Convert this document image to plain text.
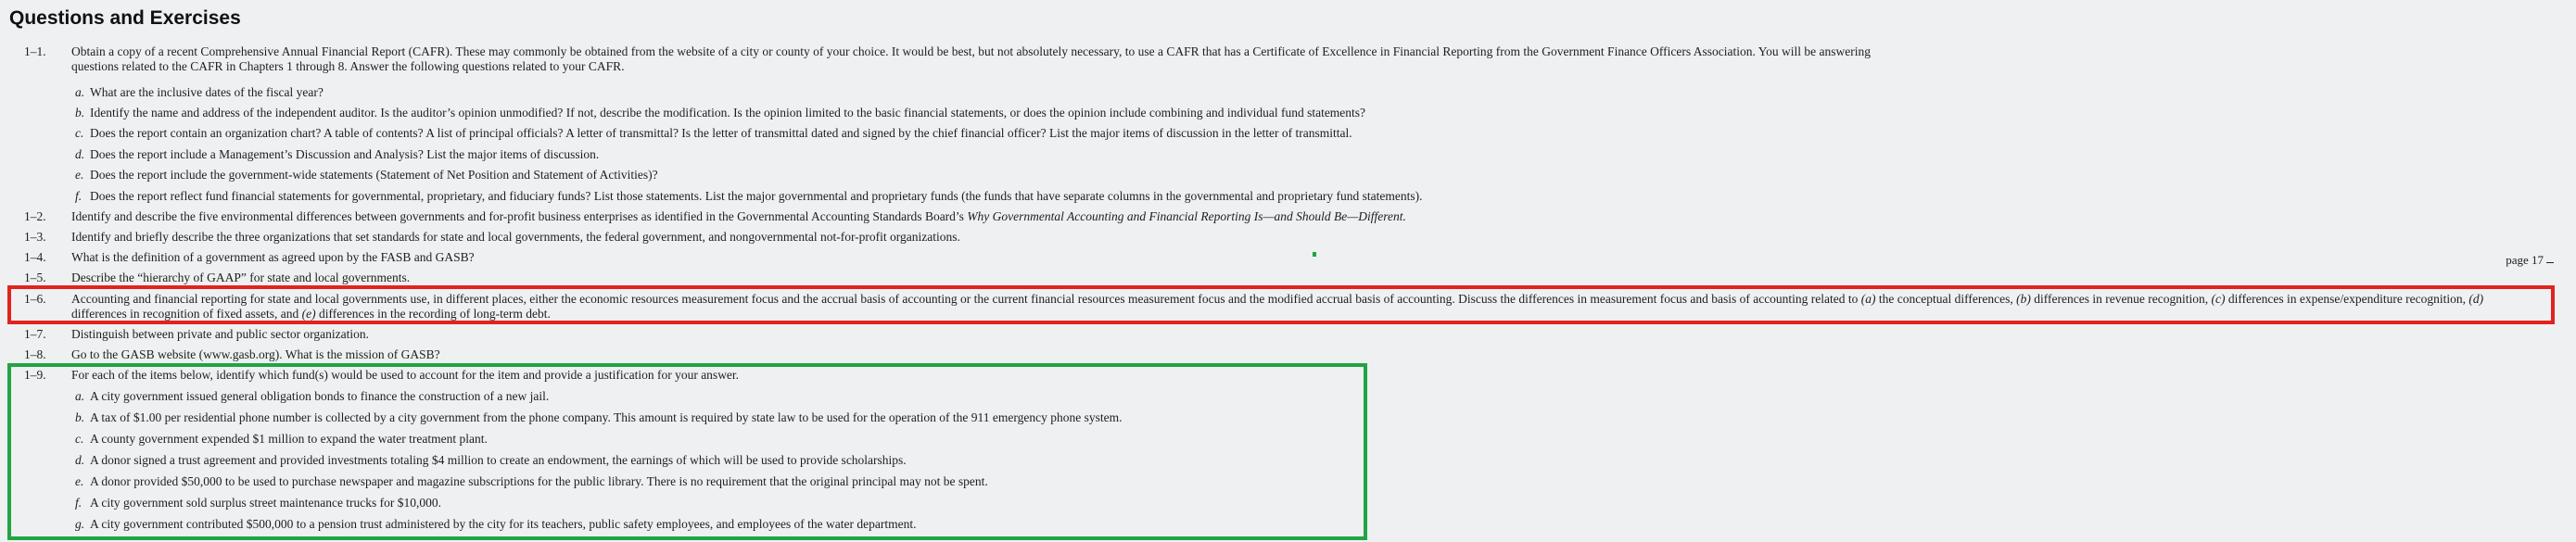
Questions and Exercises
1–1. Obtain a copy of a recent Comprehensive Annual Financial Report (CAFR). These may commonly be obtained from the website of a city or county of your choice. It would be best, but not absolutely necessary, to use a CAFR that has a Certificate of Excellence in Financial Reporting from the Government Finance Officers Association. You will be answering questions related to the CAFR in Chapters 1 through 8. Answer the following questions related to your CAFR.
a. What are the inclusive dates of the fiscal year?
b. Identify the name and address of the independent auditor. Is the auditor’s opinion unmodified? If not, describe the modification. Is the opinion limited to the basic financial statements, or does the opinion include combining and individual fund statements?
c. Does the report contain an organization chart? A table of contents? A list of principal officials? A letter of transmittal? Is the letter of transmittal dated and signed by the chief financial officer? List the major items of discussion in the letter of transmittal.
d. Does the report include a Management’s Discussion and Analysis? List the major items of discussion.
e. Does the report include the government-wide statements (Statement of Net Position and Statement of Activities)?
f. Does the report reflect fund financial statements for governmental, proprietary, and fiduciary funds? List those statements. List the major governmental and proprietary funds (the funds that have separate columns in the governmental and proprietary fund statements).
1–2. Identify and describe the five environmental differences between governments and for-profit business enterprises as identified in the Governmental Accounting Standards Board’s Why Governmental Accounting and Financial Reporting Is—and Should Be—Different.
1–3. Identify and briefly describe the three organizations that set standards for state and local governments, the federal government, and nongovernmental not-for-profit organizations.
1–4. What is the definition of a government as agreed upon by the FASB and GASB?
1–5. Describe the “hierarchy of GAAP” for state and local governments.
1–6. Accounting and financial reporting for state and local governments use, in different places, either the economic resources measurement focus and the accrual basis of accounting or the current financial resources measurement focus and the modified accrual basis of accounting. Discuss the differences in measurement focus and basis of accounting related to (a) the conceptual differences, (b) differences in revenue recognition, (c) differences in expense/expenditure recognition, (d) differences in recognition of fixed assets, and (e) differences in the recording of long-term debt.
1–7. Distinguish between private and public sector organization.
1–8. Go to the GASB website (www.gasb.org). What is the mission of GASB?
1–9. For each of the items below, identify which fund(s) would be used to account for the item and provide a justification for your answer.
a. A city government issued general obligation bonds to finance the construction of a new jail.
b. A tax of $1.00 per residential phone number is collected by a city government from the phone company. This amount is required by state law to be used for the operation of the 911 emergency phone system.
c. A county government expended $1 million to expand the water treatment plant.
d. A donor signed a trust agreement and provided investments totaling $4 million to create an endowment, the earnings of which will be used to provide scholarships.
e. A donor provided $50,000 to be used to purchase newspaper and magazine subscriptions for the public library. There is no requirement that the original principal may not be spent.
f. A city government sold surplus street maintenance trucks for $10,000.
g. A city government contributed $500,000 to a pension trust administered by the city for its teachers, public safety employees, and employees of the water department.
page 17
